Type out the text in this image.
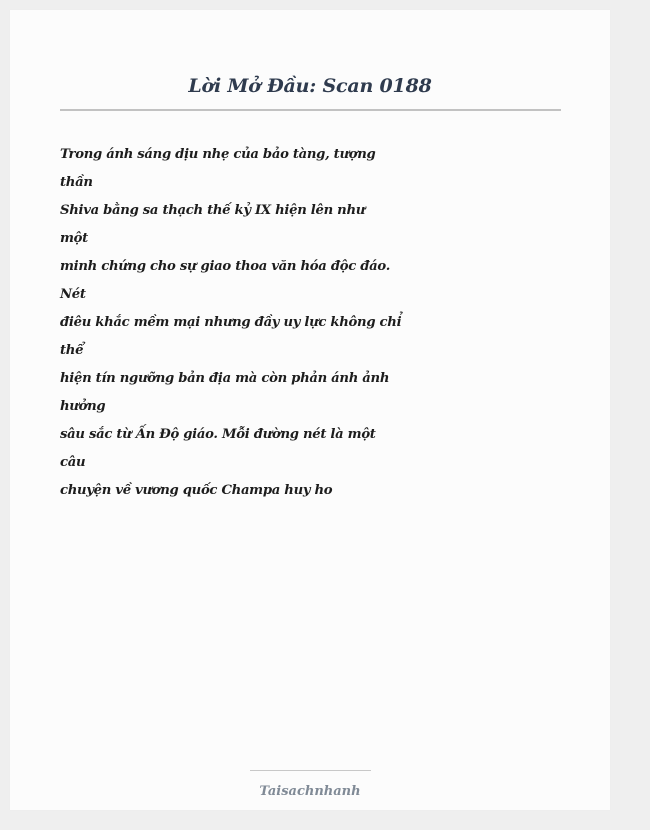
Lời Mở Đầu: Scan 0188
Trong ánh sáng dịu nhẹ của bảo tàng, tượng
thần
Shiva bằng sa thạch thế kỷ IX hiện lên như
một
minh chứng cho sự giao thoa văn hóa độc đáo.
Nét
điêu khắc mềm mại nhưng đầy uy lực không chỉ
thể
hiện tín ngưỡng bản địa mà còn phản ánh ảnh
hưởng
sâu sắc từ Ấn Độ giáo. Mỗi đường nét là một
câu
chuyện về vương quốc Champa huy ho
Taisachnhanh
